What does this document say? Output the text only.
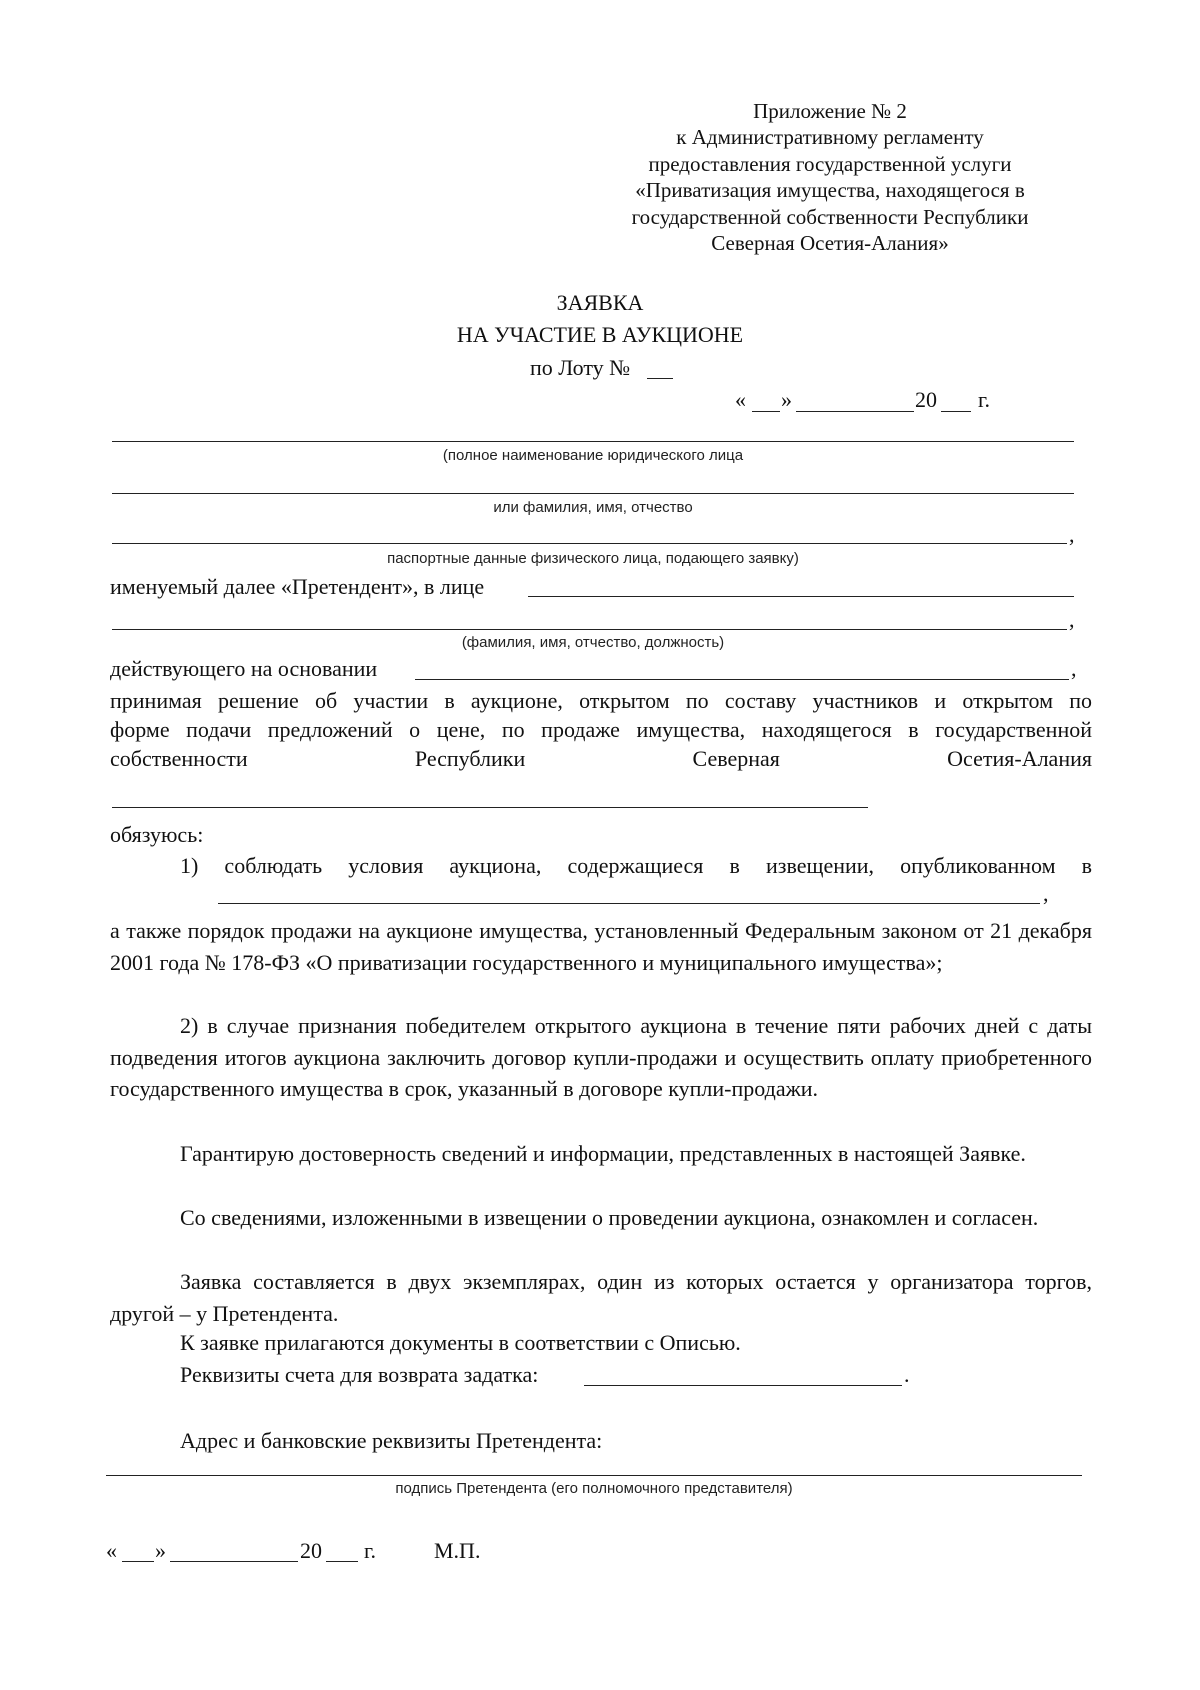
Приложение № 2
к Административному регламенту
предоставления государственной услуги
«Приватизация имущества, находящегося в
государственной собственности Республики
Северная Осетия-Алания»
ЗАЯВКА
НА УЧАСТИЕ В АУКЦИОНЕ
по Лоту №
« »	20 г.
(полное наименование юридического лица
или фамилия, имя, отчество
,
паспортные данные физического лица, подающего заявку)
именуемый далее «Претендент», в лице
,
(фамилия, имя, отчество, должность)
действующего на основании	,
принимая решение об участии в аукционе, открытом по составу участников и открытом по
форме подачи предложений о цене, по продаже имущества, находящегося в государственной
собственности	Республики	Северная	Осетия-Алания
обязуюсь:
1) соблюдать условия аукциона, содержащиеся в извещении, опубликованном в
,
а также порядок продажи на аукционе имущества, установленный Федеральным законом от 21 декабря 2001 года № 178-ФЗ «О приватизации государственного и муниципального имущества»;
2) в случае признания победителем открытого аукциона в течение пяти рабочих дней с даты подведения итогов аукциона заключить договор купли-продажи и осуществить оплату приобретенного государственного имущества в срок, указанный в договоре купли-продажи.
Гарантирую достоверность сведений и информации, представленных в настоящей Заявке.
Со сведениями, изложенными в извещении о проведении аукциона, ознакомлен и согласен.
Заявка составляется в двух экземплярах, один из которых остается у организатора торгов, другой – у Претендента.
К заявке прилагаются документы в соответствии с Описью.
Реквизиты счета для возврата задатка:	.
Адрес и банковские реквизиты Претендента:
подпись Претендента (его полномочного представителя)
« »	20 г.	М.П.
